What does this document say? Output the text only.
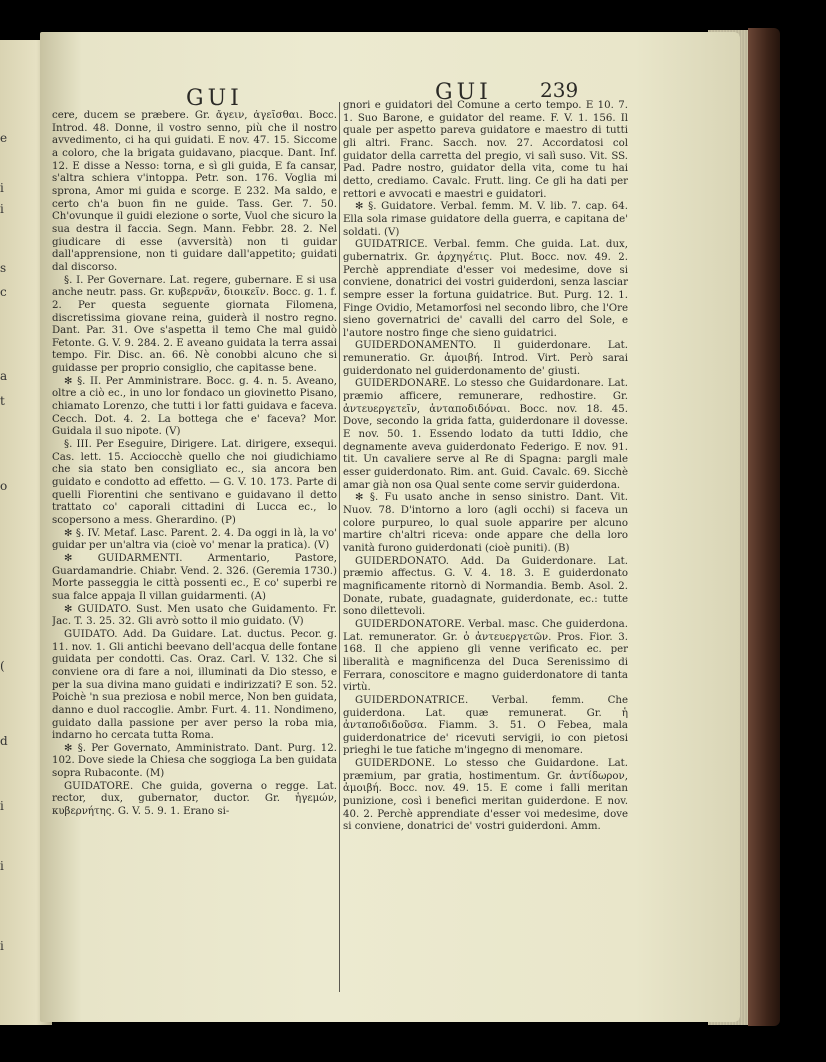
e
i
i
s
c
a
t
o
(
d
i
i
i
GUI	GUI 239

cere, ducem se præbere. Gr. ἄγειν, ἀγεῖσθαι. Bocc. Introd. 48. Donne, il vostro senno, più che il nostro avvedimento, ci ha qui guidati. E nov. 47. 15. Siccome a coloro, che la brigata guidavano, piacque. Dant. Inf. 12. E disse a Nesso: torna, e sì gli guida, E fa cansar, s'altra schiera v'intoppa. Petr. son. 176. Voglia mi sprona, Amor mi guida e scorge. E 232. Ma saldo, e certo ch'a buon fin ne guide. Tass. Ger. 7. 50. Ch'ovunque il guidi elezione o sorte, Vuol che sicuro la sua destra il faccia. Segn. Mann. Febbr. 28. 2. Nel giudicare di esse (avversità) non ti guidar dall'apprensione, non ti guidare dall'appetito; guidati dal discorso.

§. I. Per Governare. Lat. regere, gubernare. E si usa anche neutr. pass. Gr. κυβερνᾶν, διοικεῖν. Bocc. g. 1. f. 2. Per questa seguente giornata Filomena, discretissima giovane reina, guiderà il nostro regno. Dant. Par. 31. Ove s'aspetta il temo Che mal guidò Fetonte. G. V. 9. 284. 2. E aveano guidata la terra assai tempo. Fir. Disc. an. 66. Nè conobbi alcuno che si guidasse per proprio consiglio, che capitasse bene.

✻ §. II. Per Amministrare. Bocc. g. 4. n. 5. Aveano, oltre a ciò ec., in uno lor fondaco un giovinetto Pisano, chiamato Lorenzo, che tutti i lor fatti guidava e faceva. Cecch. Dot. 4. 2. La bottega che e' faceva? Mor. Guidala il suo nipote. (V)

§. III. Per Eseguire, Dirigere. Lat. dirigere, exsequi. Cas. lett. 15. Acciocchè quello che noi giudichiamo che sia stato ben consigliato ec., sia ancora ben guidato e condotto ad effetto. — G. V. 10. 173. Parte di quelli Fiorentini che sentivano e guidavano il detto trattato co' caporali cittadini di Lucca ec., lo scopersono a mess. Gherardino. (P)

✻ §. IV. Metaf. Lasc. Parent. 2. 4. Da oggi in là, la vo' guidar per un'altra via (cioè vo' menar la pratica). (V)

✻ GUIDARMENTI. Armentario, Pastore, Guardamandrie. Chiabr. Vend. 2. 326. (Geremia 1730.) Morte passeggia le città possenti ec., E co' superbi re sua falce appaja Il villan guidarmenti. (A)

✻ GUIDATO. Sust. Men usato che Guidamento. Fr. Jac. T. 3. 25. 32. Gli avrò sotto il mio guidato. (V)

GUIDATO. Add. Da Guidare. Lat. ductus. Pecor. g. 11. nov. 1. Gli antichi beevano dell'acqua delle fontane guidata per condotti. Cas. Oraz. Carl. V. 132. Che si conviene ora di fare a noi, illuminati da Dio stesso, e per la sua divina mano guidati e indirizzati? E son. 52. Poichè 'n sua preziosa e nobil merce, Non ben guidata, danno e duol raccoglie. Ambr. Furt. 4. 11. Nondimeno, guidato dalla passione per aver perso la roba mia, indarno ho cercata tutta Roma.

✻ §. Per Governato, Amministrato. Dant. Purg. 12. 102. Dove siede la Chiesa che soggioga La ben guidata sopra Rubaconte. (M)

GUIDATORE. Che guida, governa o regge. Lat. rector, dux, gubernator, ductor. Gr. ἡγεμών, κυβερνήτης. G. V. 5. 9. 1. Erano si-

gnori e guidatori del Comune a certo tempo. E 10. 7. 1. Suo Barone, e guidator del reame. F. V. 1. 156. Il quale per aspetto pareva guidatore e maestro di tutti gli altri. Franc. Sacch. nov. 27. Accordatosi col guidator della carretta del pregio, vi salì suso. Vit. SS. Pad. Padre nostro, guidator della vita, come tu hai detto, crediamo. Cavalc. Frutt. ling. Ce gli ha dati per rettori e avvocati e maestri e guidatori.

✻ §. Guidatore. Verbal. femm. M. V. lib. 7. cap. 64. Ella sola rimase guidatore della guerra, e capitana de' soldati. (V)

GUIDATRICE. Verbal. femm. Che guida. Lat. dux, gubernatrix. Gr. ἀρχηγέτις. Plut. Bocc. nov. 49. 2. Perchè apprendiate d'esser voi medesime, dove si conviene, donatrici dei vostri guiderdoni, senza lasciar sempre esser la fortuna guidatrice. But. Purg. 12. 1. Finge Ovidio, Metamorfosi nel secondo libro, che l'Ore sieno governatrici de' cavalli del carro del Sole, e l'autore nostro finge che sieno guidatrici.

GUIDERDONAMENTO. Il guiderdonare. Lat. remuneratio. Gr. ἀμοιβή. Introd. Virt. Però sarai guiderdonato nel guiderdonamento de' giusti.

GUIDERDONARE. Lo stesso che Guidardonare. Lat. præmio afficere, remunerare, redhostire. Gr. ἀντευεργετεῖν, ἀνταποδιδόναι. Bocc. nov. 18. 45. Dove, secondo la grida fatta, guiderdonare il dovesse. E nov. 50. 1. Essendo lodato da tutti Iddio, che degnamente aveva guiderdonato Federigo. E nov. 91. tit. Un cavaliere serve al Re di Spagna: pargli male esser guiderdonato. Rim. ant. Guid. Cavalc. 69. Sicchè amar già non osa Qual sente come servir guiderdona.

✻ §. Fu usato anche in senso sinistro. Dant. Vit. Nuov. 78. D'intorno a loro (agli occhi) si faceva un colore purpureo, lo qual suole apparire per alcuno martire ch'altri riceva: onde appare che della loro vanità furono guiderdonati (cioè puniti). (B)

GUIDERDONATO. Add. Da Guiderdonare. Lat. præmio affectus. G. V. 4. 18. 3. E guiderdonato magnificamente ritornò di Normandia. Bemb. Asol. 2. Donate, rubate, guadagnate, guiderdonate, ec.: tutte sono dilettevoli.

GUIDERDONATORE. Verbal. masc. Che guiderdona. Lat. remunerator. Gr. ὁ ἀντευεργετῶν. Pros. Fior. 3. 168. Il che appieno gli venne verificato ec. per liberalità e magnificenza del Duca Serenissimo di Ferrara, conoscitore e magno guiderdonatore di tanta virtù.

GUIDERDONATRICE. Verbal. femm. Che guiderdona. Lat. quæ remunerat. Gr. ἡ ἀνταποδιδοῦσα. Fiamm. 3. 51. O Febea, mala guiderdonatrice de' ricevuti servigii, io con pietosi prieghi le tue fatiche m'ingegno di menomare.

GUIDERDONE. Lo stesso che Guidardone. Lat. præmium, par gratia, hostimentum. Gr. ἀντίδωρον, ἀμοιβή. Bocc. nov. 49. 15. E come i falli meritan punizione, così i benefici meritan guiderdone. E nov. 40. 2. Perchè apprendiate d'esser voi medesime, dove si conviene, donatrici de' vostri guiderdoni. Amm.
